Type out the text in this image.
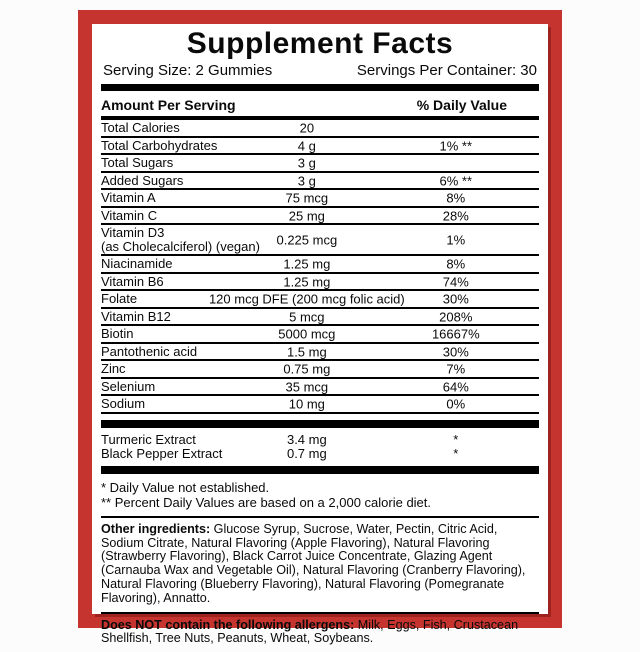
Supplement Facts
Serving Size: 2 Gummies	Servings Per Container: 30
Amount Per Serving	% Daily Value
Total Calories	20
Total Carbohydrates	4 g	1% **
Total Sugars	3 g
Added Sugars	3 g	6% **
Vitamin A	75 mcg	8%
Vitamin C	25 mg	28%
Vitamin D3
(as Cholecalciferol) (vegan)	0.225 mcg	1%
Niacinamide	1.25 mg	8%
Vitamin B6	1.25 mg	74%
Folate	120 mcg DFE (200 mcg folic acid)	30%
Vitamin B12	5 mcg	208%
Biotin	5000 mcg	16667%
Pantothenic acid	1.5 mg	30%
Zinc	0.75 mg	7%
Selenium	35 mcg	64%
Sodium	10 mg	0%
Turmeric Extract	3.4 mg	*
Black Pepper Extract	0.7 mg	*
* Daily Value not established.
** Percent Daily Values are based on a 2,000 calorie diet.
Other ingredients: Glucose Syrup, Sucrose, Water, Pectin, Citric Acid, Sodium Citrate, Natural Flavoring (Apple Flavoring), Natural Flavoring (Strawberry Flavoring), Black Carrot Juice Concentrate, Glazing Agent (Carnauba Wax and Vegetable Oil), Natural Flavoring (Cranberry Flavoring), Natural Flavoring (Blueberry Flavoring), Natural Flavoring (Pomegranate Flavoring), Annatto.
Does NOT contain the following allergens: Milk, Eggs, Fish, Crustacean Shellfish, Tree Nuts, Peanuts, Wheat, Soybeans.
